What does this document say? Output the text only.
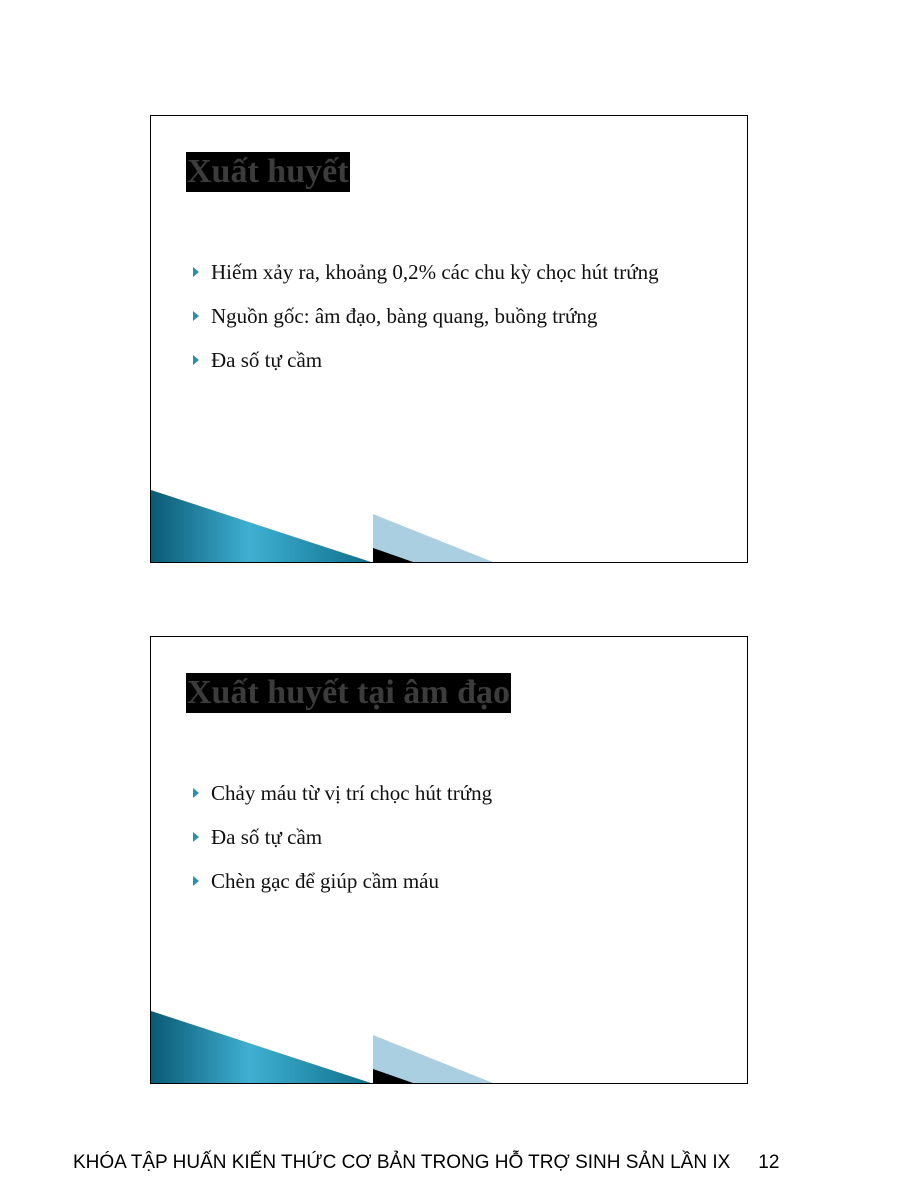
Xuất huyết
Hiếm xảy ra, khoảng 0,2% các chu kỳ chọc hút trứng
Nguồn gốc: âm đạo, bàng quang, buồng trứng
Đa số tự cầm
Xuất huyết tại âm đạo
Chảy máu từ vị trí chọc hút trứng
Đa số tự cầm
Chèn gạc để giúp cầm máu
KHÓA TẬP HUẤN KIẾN THỨC CƠ BẢN TRONG HỖ TRỢ SINH SẢN LẦN IX 12
